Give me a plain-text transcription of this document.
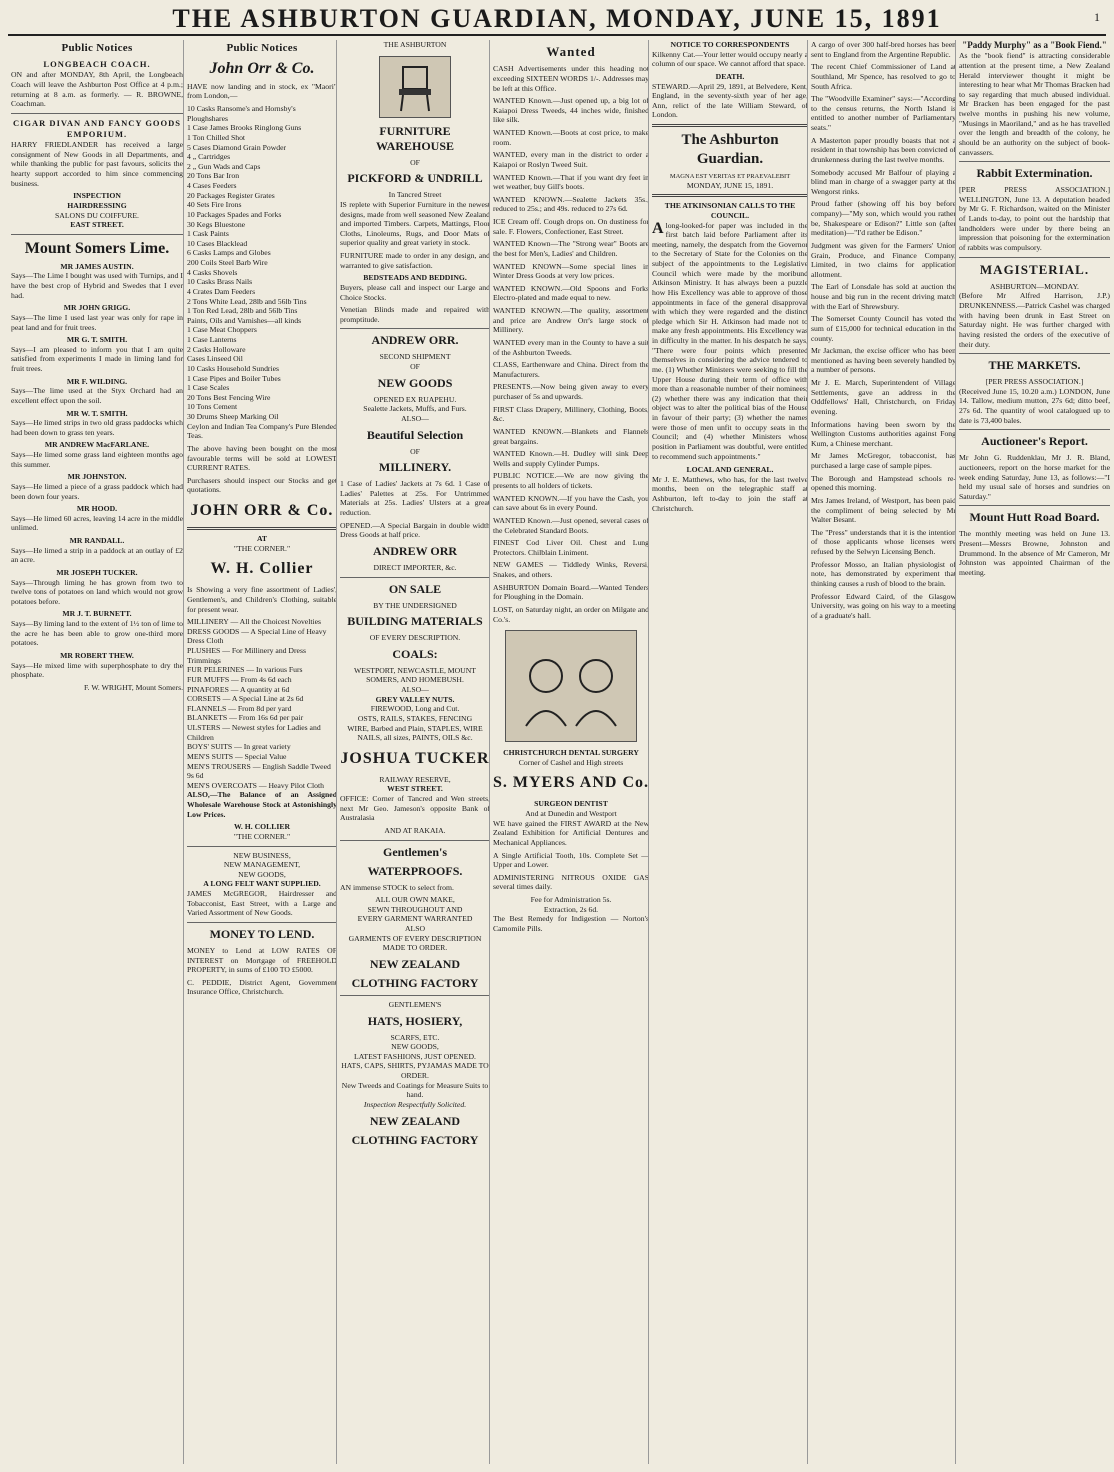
THE ASHBURTON GUARDIAN, MONDAY, JUNE 15, 1891	1
Public Notices
LONGBEACH COACH.

ON and after MONDAY, 8th April, the Longbeach Coach will leave the Ashburton Post Office at 4 p.m.; returning at 8 a.m. as formerly. — R. BROWNE, Coachman.

CIGAR DIVAN AND FANCY GOODS EMPORIUM.

HARRY FRIEDLANDER has received a large consignment of New Goods in all Departments, and while thanking the public for past favours, solicits the hearty support accorded to him since commencing business.

INSPECTION
HAIRDRESSING
SALONS DU COIFFURE.
EAST STREET.
Mount Somers Lime.
MR JAMES AUSTIN.

Says—The Lime I bought was used with Turnips, and I have the best crop of Hybrid and Swedes that I ever had.

MR JOHN GRIGG.

Says—The lime I used last year was only for rape in peat land and for fruit trees.

MR G. T. SMITH.

Says—I am pleased to inform you that I am quite satisfied from experiments I made in liming land for fruit trees.

MR F. WILDING.

Says—The lime used at the Styx Orchard had an excellent effect upon the soil.

MR W. T. SMITH.

Says—He limed strips in two old grass paddocks which had been down to grass ten years.

MR ANDREW MacFARLANE.

Says—He limed some grass land eighteen months ago this summer.

MR JOHNSTON.

Says—He limed a piece of a grass paddock which had been down four years.

MR HOOD.

Says—He limed 60 acres, leaving 14 acre in the middle unlimed.

MR RANDALL.

Says—He limed a strip in a paddock at an outlay of £2 an acre.

MR JOSEPH TUCKER.

Says—Through liming he has grown from two to twelve tons of potatoes on land which would not grow potatoes before.

MR J. T. BURNETT.

Says—By liming land to the extent of 1½ ton of lime to the acre he has been able to grow one-third more potatoes.

MR ROBERT THEW.

Says—He mixed lime with superphosphate to dry the phosphate.

F. W. WRIGHT, Mount Somers.
Public Notices
John Orr & Co.

HAVE now landing and in stock, ex "Maori" from London,—

10 Casks Ransome's and Hornsby's Ploughshares
1 Case James Brooks Ringlong Guns
1 Ton Chilled Shot
5 Cases Diamond Grain Powder
4 „ Cartridges
2 „ Gun Wads and Caps
20 Tons Bar Iron
4 Cases Feeders
20 Packages Register Grates
40 Sets Fire Irons
10 Packages Spades and Forks
30 Kegs Bluestone
1 Cask Paints
10 Cases Blacklead
6 Casks Lamps and Globes
200 Coils Steel Barb Wire
4 Casks Shovels
10 Casks Brass Nails
4 Crates Dam Feeders
2 Tons White Lead, 28lb and 56lb Tins
1 Ton Red Lead, 28lb and 56lb Tins
Paints, Oils and Varnishes—all kinds
1 Case Meat Choppers
1 Case Lanterns
2 Casks Holloware
Cases Linseed Oil
10 Casks Household Sundries
1 Case Pipes and Boiler Tubes
1 Case Scales
20 Tons Best Fencing Wire
10 Tons Cement
30 Drums Sheep Marking Oil

Ceylon and Indian Tea Company's Pure Blended Teas.

The above having been bought on the most favourable terms will be sold at LOWEST CURRENT RATES.

Purchasers should inspect our Stocks and get quotations.

JOHN ORR & Co.
AT
"THE CORNER."
W. H. Collier

Is Showing a very fine assortment of Ladies', Gentlemen's, and Children's Clothing, suitable for present wear.

MILLINERY — All the Choicest Novelties
DRESS GOODS — A Special Line of Heavy Dress Cloth
PLUSHES — For Millinery and Dress Trimmings
FUR PELERINES — In various Furs
FUR MUFFS — From 4s 6d each
PINAFORES — A quantity at 6d
CORSETS — A Special Line at 2s 6d
FLANNELS — From 8d per yard
BLANKETS — From 16s 6d per pair
ULSTERS — Newest styles for Ladies and Children
BOYS' SUITS — In great variety
MEN'S SUITS — Special Value
MEN'S TROUSERS — English Saddle Tweed 9s 6d
MEN'S OVERCOATS — Heavy Pilot Cloth

ALSO,—The Balance of an Assigned Wholesale Warehouse Stock at Astonishingly Low Prices.

W. H. COLLIER
"THE CORNER."
NEW BUSINESS,
NEW MANAGEMENT,
NEW GOODS,
A LONG FELT WANT SUPPLIED.

JAMES McGREGOR, Hairdresser and Tobacconist, East Street, with a Large and Varied Assortment of New Goods.

MONEY TO LEND.

MONEY to Lend at LOW RATES OF INTEREST on Mortgage of FREEHOLD PROPERTY, in sums of £100 TO £5000.

C. PEDDIE, District Agent, Government Insurance Office, Christchurch.

THE ASHBURTON
FURNITURE WAREHOUSE
OF
PICKFORD & UNDRILL
In Tancred Street

IS replete with Superior Furniture in the newest designs, made from well seasoned New Zealand and imported Timbers. Carpets, Mattings, Floor Cloths, Linoleums, Rugs, and Door Mats of superior quality and great variety in stock.

FURNITURE made to order in any design, and warranted to give satisfaction.

BEDSTEADS AND BEDDING.

Buyers, please call and inspect our Large and Choice Stocks.

Venetian Blinds made and repaired with promptitude.

ANDREW ORR.
SECOND SHIPMENT
OF
NEW GOODS
OPENED EX RUAPEHU.
Sealette Jackets, Muffs, and Furs.
ALSO—
Beautiful Selection
OF
MILLINERY.

1 Case of Ladies' Jackets at 7s 6d. 1 Case of Ladies' Palettes at 25s. For Untrimmed Materials at 25s. Ladies' Ulsters at a great reduction.

OPENED.—A Special Bargain in double width Dress Goods at half price.

ANDREW ORR
DIRECT IMPORTER, &c.
ON SALE
BY THE UNDERSIGNED
BUILDING MATERIALS
OF EVERY DESCRIPTION.
COALS:
WESTPORT, NEWCASTLE, MOUNT SOMERS, AND HOMEBUSH.
ALSO—
GREY VALLEY NUTS.
FIREWOOD, Long and Cut.
OSTS, RAILS, STAKES, FENCING
WIRE, Barbed and Plain, STAPLES, WIRE NAILS, all sizes, PAINTS, OILS &c.
JOSHUA TUCKER
RAILWAY RESERVE,
WEST STREET.

OFFICE: Corner of Tancred and Wen streets, next Mr Geo. Jameson's opposite Bank of Australasia

AND AT RAKAIA.
Gentlemen's
WATERPROOFS.

AN immense STOCK to select from.

ALL OUR OWN MAKE,
SEWN THROUGHOUT AND
EVERY GARMENT WARRANTED
ALSO
GARMENTS OF EVERY DESCRIPTION
MADE TO ORDER.
NEW ZEALAND
CLOTHING FACTORY
GENTLEMEN'S
HATS, HOSIERY,
SCARFS, ETC.
NEW GOODS,
LATEST FASHIONS, JUST OPENED.
HATS, CAPS, SHIRTS, PYJAMAS MADE TO ORDER.
New Tweeds and Coatings for Measure Suits to hand.
Inspection Respectfully Solicited.
NEW ZEALAND
CLOTHING FACTORY
Wanted

CASH Advertisements under this heading not exceeding SIXTEEN WORDS 1/-. Addresses may be left at this Office.

WANTED Known.—Just opened up, a big lot of Kaiapoi Dress Tweeds, 44 inches wide, finished like silk.

WANTED Known.—Boots at cost price, to make room.

WANTED, every man in the district to order a Kaiapoi or Roslyn Tweed Suit.

WANTED Known.—That if you want dry feet in wet weather, buy Gill's boots.

WANTED KNOWN.—Sealette Jackets 35s., reduced to 25s.; and 49s. reduced to 27s 6d.

ICE Cream off. Cough drops on. On dustiness for sale. F. Flowers, Confectioner, East Street.

WANTED Known—The "Strong wear" Boots are the best for Men's, Ladies' and Children.

WANTED KNOWN—Some special lines in Winter Dress Goods at very low prices.

WANTED KNOWN.—Old Spoons and Forks Electro-plated and made equal to new.

WANTED KNOWN.—The quality, assortment and price are Andrew Orr's large stock of Millinery.

WANTED every man in the County to have a suit of the Ashburton Tweeds.

CLASS, Earthenware and China. Direct from the Manufacturers.

PRESENTS.—Now being given away to every purchaser of 5s and upwards.

FIRST Class Drapery, Millinery, Clothing, Boots, &c.

WANTED KNOWN.—Blankets and Flannels great bargains.

WANTED Known.—H. Dudley will sink Deep Wells and supply Cylinder Pumps.

PUBLIC NOTICE.—We are now giving the presents to all holders of tickets.

WANTED KNOWN.—If you have the Cash, you can save about 6s in every Pound.

WANTED Known.—Just opened, several cases of the Celebrated Standard Boots.

FINEST Cod Liver Oil. Chest and Lung Protectors. Chilblain Liniment.

NEW GAMES — Tiddledy Winks, Reversi, Snakes, and others.

ASHBURTON Domain Board.—Wanted Tenders for Ploughing in the Domain.

LOST, on Saturday night, an order on Milgate and Co.'s.

CHRISTCHURCH DENTAL SURGERY
Corner of Cashel and High streets
S. MYERS AND Co.
SURGEON DENTIST
And at Dunedin and Westport

WE have gained the FIRST AWARD at the New Zealand Exhibition for Artificial Dentures and Mechanical Appliances.

A Single Artificial Tooth, 10s. Complete Set — Upper and Lower.

ADMINISTERING NITROUS OXIDE GAS several times daily.

Fee for Administration 5s.
Extraction, 2s 6d.

The Best Remedy for Indigestion — Norton's Camomile Pills.

NOTICE TO CORRESPONDENTS

Kilkenny Cat.—Your letter would occupy nearly a column of our space. We cannot afford that space.

DEATH.

STEWARD.—April 29, 1891, at Belvedere, Kent, England, in the seventy-sixth year of her age, Ann, relict of the late William Steward, of London.

The Ashburton Guardian.
MAGNA EST VERITAS ET PRAEVALEBIT
MONDAY, JUNE 15, 1891.
THE ATKINSONIAN CALLS TO THE COUNCIL.

Along-looked-for paper was included in the first batch laid before Parliament after its meeting, namely, the despatch from the Governor to the Secretary of State for the Colonies on the subject of the appointments to the Legislative Council which were made by the moribund Atkinson Ministry. It has always been a puzzle how His Excellency was able to approve of those appointments in face of the general disapproval with which they were regarded and the distinct pledge which Sir H. Atkinson had made not to make any fresh appointments. His Excellency was in difficulty in the matter. In his despatch he says, "There were four points which presented themselves in considering the advice tendered to me. (1) Whether Ministers were seeking to fill the Upper House during their term of office with more than a reasonable number of their nominees; (2) whether there was any indication that their object was to alter the political bias of the House in favour of their party; (3) whether the names were those of men unfit to occupy seats in the Council; and (4) whether Ministers whose position in Parliament was doubtful, were entitled to recommend such appointments."

LOCAL AND GENERAL.

Mr J. E. Matthews, who has, for the last twelve months, been on the telegraphic staff at Ashburton, left to-day to join the staff at Christchurch.

A cargo of over 300 half-bred horses has been sent to England from the Argentine Republic.

The recent Chief Commissioner of Land at Southland, Mr Spence, has resolved to go to South Africa.

The "Woodville Examiner" says:—"According to the census returns, the North Island is entitled to another number of Parliamentary seats."

A Masterton paper proudly boasts that not a resident in that township has been convicted of drunkenness during the last twelve months.

Somebody accused Mr Balfour of playing a blind man in charge of a swagger party at the Wengorst rinks.

Proud father (showing off his boy before company)—"My son, which would you rather be, Shakespeare or Edison?" Little son (after meditation)—"I'd rather be Edison."

Judgment was given for the Farmers' Union Grain, Produce, and Finance Company, Limited, in two claims for application allotment.

The Earl of Lonsdale has sold at auction the house and big run in the recent driving match with the Earl of Shrewsbury.

The Somerset County Council has voted the sum of £15,000 for technical education in the county.

Mr Jackman, the excise officer who has been mentioned as having been severely handled by a number of persons.

Mr J. E. March, Superintendent of Village Settlements, gave an address in the Oddfellows' Hall, Christchurch, on Friday evening.

Informations having been sworn by the Wellington Customs authorities against Fong Kum, a Chinese merchant.

Mr James McGregor, tobacconist, has purchased a large case of sample pipes.

The Borough and Hampstead schools re-opened this morning.

Mrs James Ireland, of Westport, has been paid the compliment of being selected by Mr Walter Besant.

The "Press" understands that it is the intention of those applicants whose licenses were refused by the Selwyn Licensing Bench.

Professor Mosso, an Italian physiologist of note, has demonstrated by experiment that thinking causes a rush of blood to the brain.

Professor Edward Caird, of the Glasgow University, was going on his way to a meeting of a graduate's hall.

"Paddy Murphy" as a "Book Fiend."

As the "book fiend" is attracting considerable attention at the present time, a New Zealand Herald interviewer thought it might be interesting to hear what Mr Thomas Bracken had to say regarding that much abused individual. Mr Bracken has been engaged for the past twelve months in pushing his new volume, "Musings in Maoriland," and as he has travelled over the length and breadth of the colony, he should be an authority on the subject of book-canvassers.

Rabbit Extermination.

[PER PRESS ASSOCIATION.] WELLINGTON, June 13. A deputation headed by Mr G. F. Richardson, waited on the Minister of Lands to-day, to point out the hardship that landholders were under by there being an impression that poisoning for the extermination of rabbits was compulsory.

MAGISTERIAL.
ASHBURTON—MONDAY.

(Before Mr Alfred Harrison, J.P.) DRUNKENNESS.—Patrick Cashel was charged with having been drunk in East Street on Saturday night. He was further charged with having resisted the orders of the executive of their duty.

THE MARKETS.
[PER PRESS ASSOCIATION.]

(Received June 15, 10.20 a.m.) LONDON, June 14. Tallow, medium mutton, 27s 6d; ditto beef, 27s 6d. The quantity of wool catalogued up to date is 73,400 bales.

Auctioneer's Report.

Mr John G. Ruddenklau, Mr J. R. Bland, auctioneers, report on the horse market for the week ending Saturday, June 13, as follows:—"I held my usual sale of horses and sundries on Saturday."

Mount Hutt Road Board.

The monthly meeting was held on June 13. Present—Messrs Browne, Johnston and Drummond. In the absence of Mr Cameron, Mr Johnston was appointed Chairman of the meeting.
